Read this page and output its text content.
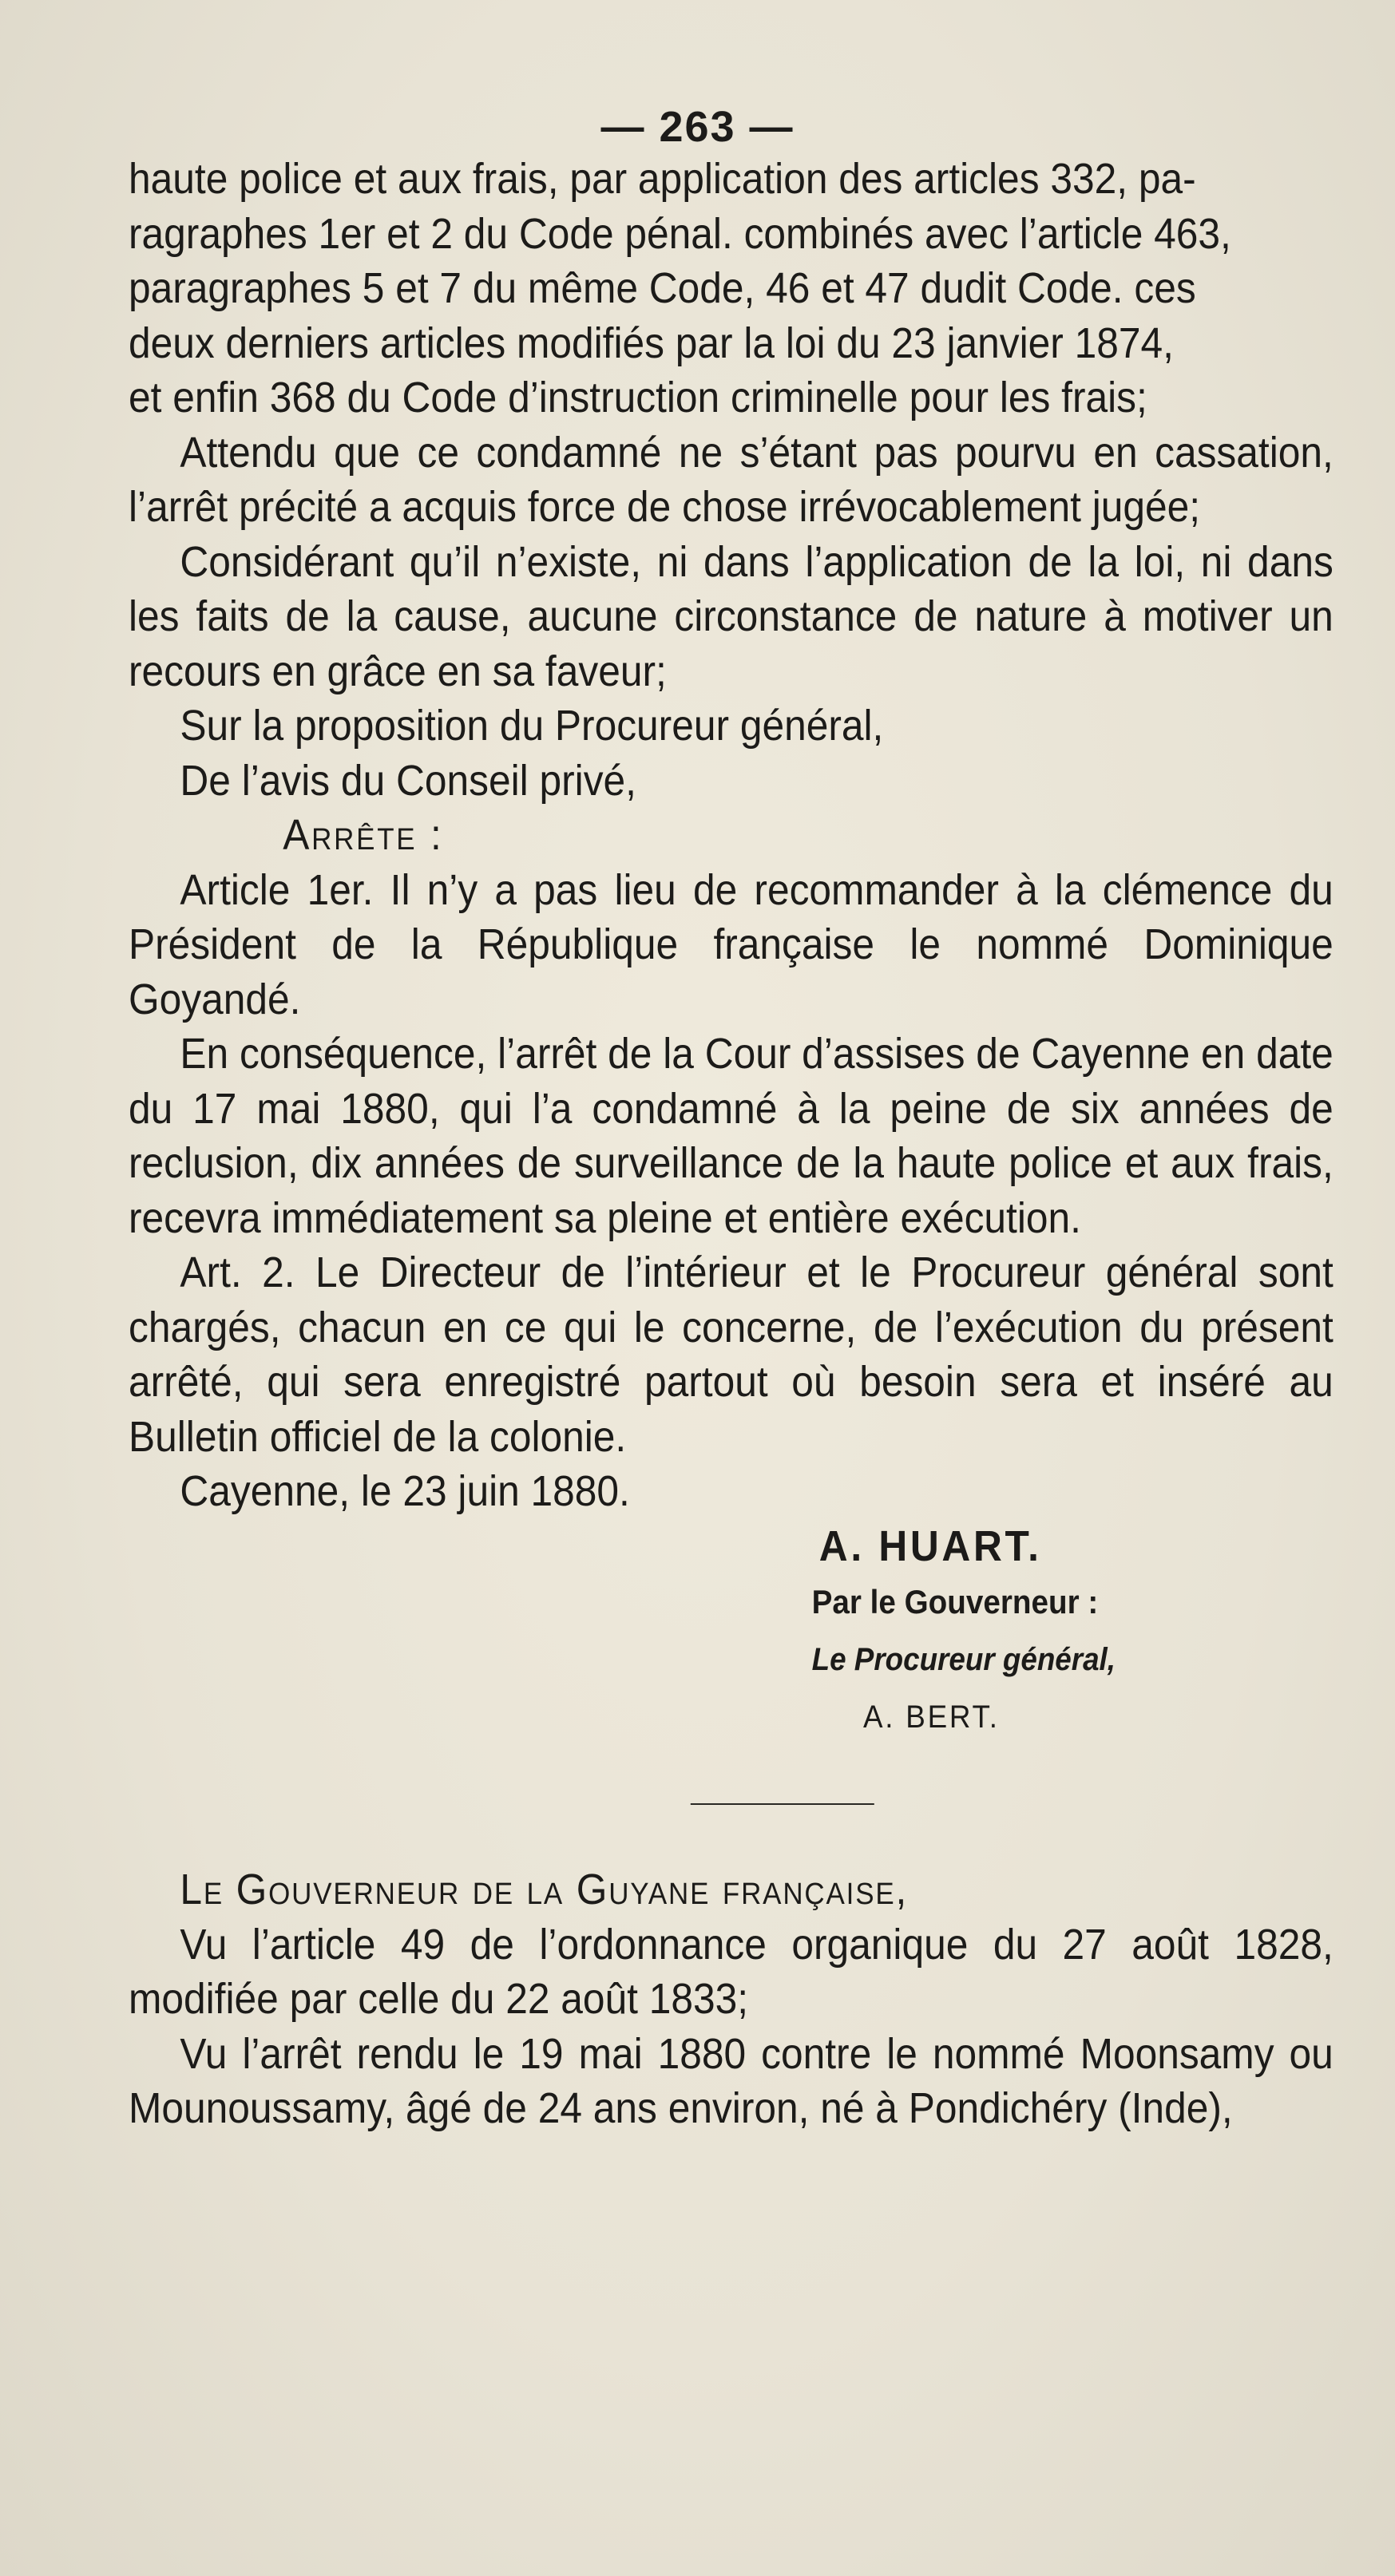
— 263 —

haute police et aux frais, par application des articles 332, pa-

ragraphes 1er et 2 du Code pénal. combinés avec l’article 463,

paragraphes 5 et 7 du même Code, 46 et 47 dudit Code. ces

deux derniers articles modifiés par la loi du 23 janvier 1874,

et enfin 368 du Code d’instruction criminelle pour les frais;

Attendu que ce condamné ne s’étant pas pourvu en cassation, l’arrêt précité a acquis force de chose irrévocablement jugée;

Considérant qu’il n’existe, ni dans l’application de la loi, ni dans les faits de la cause, aucune circonstance de nature à motiver un recours en grâce en sa faveur;

Sur la proposition du Procureur général,

De l’avis du Conseil privé,

Arrête :

Article 1er. Il n’y a pas lieu de recommander à la clémence du Président de la République française le nommé Dominique Goyandé.

En conséquence, l’arrêt de la Cour d’assises de Cayenne en date du 17 mai 1880, qui l’a condamné à la peine de six années de reclusion, dix années de surveillance de la haute police et aux frais, recevra immédiatement sa pleine et entière exécution.

Art. 2. Le Directeur de l’intérieur et le Procureur général sont chargés, chacun en ce qui le concerne, de l’exécution du présent arrêté, qui sera enregistré partout où besoin sera et inséré au Bulletin officiel de la colonie.

Cayenne, le 23 juin 1880.

A. HUART.

Par le Gouverneur :

Le Procureur général,

A. BERT.

Le Gouverneur de la Guyane française,

Vu l’article 49 de l’ordonnance organique du 27 août 1828, modifiée par celle du 22 août 1833;

Vu l’arrêt rendu le 19 mai 1880 contre le nommé Moonsamy ou Mounoussamy, âgé de 24 ans environ, né à Pondichéry (Inde),
